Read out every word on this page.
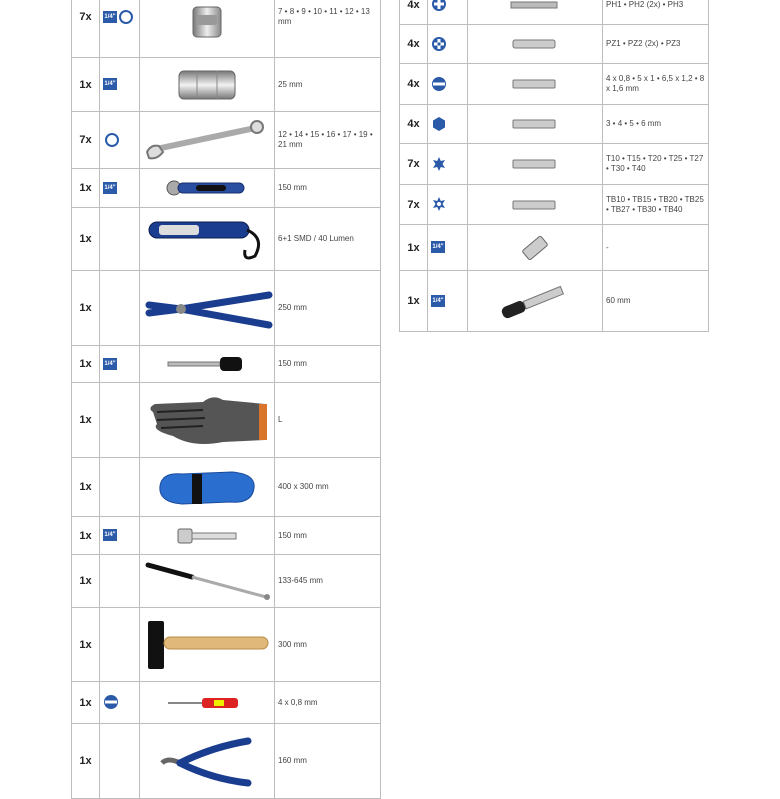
7x	1/4"		7 • 8 • 9 • 10 • 11 • 12 • 13 mm
1x	1/4"		25 mm
7x			12 • 14 • 15 • 16 • 17 • 19 • 21 mm
1x	1/4"		150 mm
1x			6+1 SMD / 40 Lumen
1x			250 mm
1x	1/4"		150 mm
1x			L
1x			400 x 300 mm
1x	1/4"		150 mm
1x			133-645 mm
1x			300 mm
1x			4 x 0,8 mm
1x			160 mm
4x			PH1 • PH2 (2x) • PH3
4x			PZ1 • PZ2 (2x) • PZ3
4x			4 x 0,8 • 5 x 1 • 6,5 x 1,2 • 8 x 1,6 mm
4x			3 • 4 • 5 • 6 mm
7x			T10 • T15 • T20 • T25 • T27 • T30 • T40
7x			TB10 • TB15 • TB20 • TB25 • TB27 • TB30 • TB40
1x	1/4"		-
1x	1/4"		60 mm
